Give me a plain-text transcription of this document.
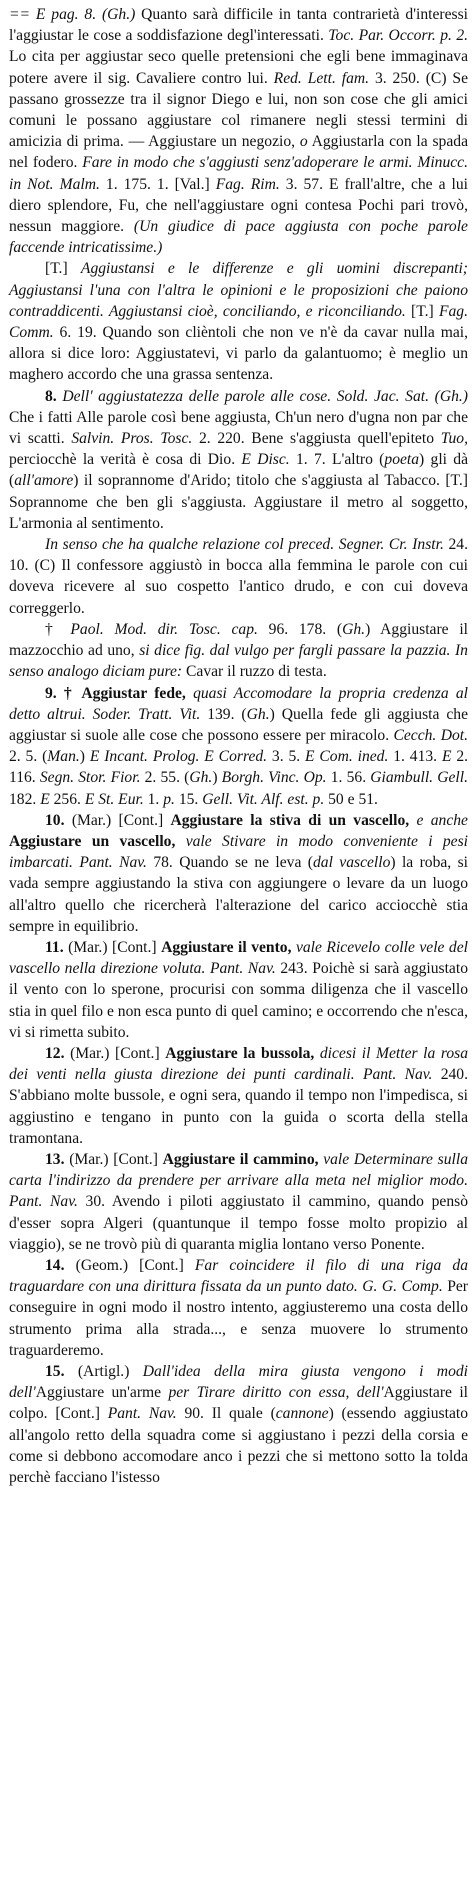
== E pag. 8. (Gh.) Quanto sarà difficile in tanta contrarietà d'interessi l'aggiustar le cose a soddisfazione degl'interessati. Toc. Par. Occorr. p. 2. Lo cita per aggiustar seco quelle pretensioni che egli bene immaginava potere avere il sig. Cavaliere contro lui. Red. Lett. fam. 3. 250. (C) Se passano grossezze tra il signor Diego e lui, non son cose che gli amici comuni le possano aggiustare col rimanere negli stessi termini di amicizia di prima. — Aggiustare un negozio, o Aggiustarla con la spada nel fodero. Fare in modo che s'aggiusti senz'adoperare le armi. Minucc. in Not. Malm. 1. 175. 1. [Val.] Fag. Rim. 3. 57. E frall'altre, che a lui diero splendore, Fu, che nell'aggiustare ogni contesa Pochi pari trovò, nessun maggiore. (Un giudice di pace aggiusta con poche parole faccende intricatissime.)

[T.] Aggiustansi e le differenze e gli uomini discrepanti; Aggiustansi l'una con l'altra le opinioni e le proposizioni che paiono contraddicenti. Aggiustansi cioè, conciliando, e riconciliando. [T.] Fag. Comm. 6. 19. Quando son clièntoli che non ve n'è da cavar nulla mai, allora si dice loro: Aggiustatevi, vi parlo da galantuomo; è meglio un maghero accordo che una grassa sentenza.

8. Dell' aggiustatezza delle parole alle cose. Sold. Jac. Sat. (Gh.) Che i fatti Alle parole così bene aggiusta, Ch'un nero d'ugna non par che vi scatti. Salvin. Pros. Tosc. 2. 220. Bene s'aggiusta quell'epiteto Tuo, perciocchè la verità è cosa di Dio. E Disc. 1. 7. L'altro (poeta) gli dà (all'amore) il soprannome d'Arido; titolo che s'aggiusta al Tabacco. [T.] Soprannome che ben gli s'aggiusta. Aggiustare il metro al soggetto, L'armonia al sentimento.

In senso che ha qualche relazione col preced. Segner. Cr. Instr. 24. 10. (C) Il confessore aggiustò in bocca alla femmina le parole con cui doveva ricevere al suo cospetto l'antico drudo, e con cui doveva correggerlo.

† Paol. Mod. dir. Tosc. cap. 96. 178. (Gh.) Aggiustare il mazzocchio ad uno, si dice fig. dal vulgo per fargli passare la pazzia. In senso analogo diciam pure: Cavar il ruzzo di testa.

9. † Aggiustar fede, quasi Accomodare la propria credenza al detto altrui. Soder. Tratt. Vit. 139. (Gh.) Quella fede gli aggiusta che aggiustar si suole alle cose che possono essere per miracolo. Cecch. Dot. 2. 5. (Man.) E Incant. Prolog. E Corred. 3. 5. E Com. ined. 1. 413. E 2. 116. Segn. Stor. Fior. 2. 55. (Gh.) Borgh. Vinc. Op. 1. 56. Giambull. Gell. 182. E 256. E St. Eur. 1. p. 15. Gell. Vit. Alf. est. p. 50 e 51.

10. (Mar.) [Cont.] Aggiustare la stiva di un vascello, e anche Aggiustare un vascello, vale Stivare in modo conveniente i pesi imbarcati. Pant. Nav. 78. Quando se ne leva (dal vascello) la roba, si vada sempre aggiustando la stiva con aggiungere o levare da un luogo all'altro quello che ricercherà l'alterazione del carico acciocchè stia sempre in equilibrio.

11. (Mar.) [Cont.] Aggiustare il vento, vale Ricevelo colle vele del vascello nella direzione voluta. Pant. Nav. 243. Poichè si sarà aggiustato il vento con lo sperone, procurisi con somma diligenza che il vascello stia in quel filo e non esca punto di quel camino; e occorrendo che n'esca, vi si rimetta subito.

12. (Mar.) [Cont.] Aggiustare la bussola, dicesi il Metter la rosa dei venti nella giusta direzione dei punti cardinali. Pant. Nav. 240. S'abbiano molte bussole, e ogni sera, quando il tempo non l'impedisca, si aggiustino e tengano in punto con la guida o scorta della stella tramontana.

13. (Mar.) [Cont.] Aggiustare il cammino, vale Determinare sulla carta l'indirizzo da prendere per arrivare alla meta nel miglior modo. Pant. Nav. 30. Avendo i piloti aggiustato il cammino, quando pensò d'esser sopra Algeri (quantunque il tempo fosse molto propizio al viaggio), se ne trovò più di quaranta miglia lontano verso Ponente.

14. (Geom.) [Cont.] Far coincidere il filo di una riga da traguardare con una dirittura fissata da un punto dato. G. G. Comp. Per conseguire in ogni modo il nostro intento, aggiusteremo una costa dello strumento prima alla strada..., e senza muovere lo strumento traguarderemo.

15. (Artigl.) Dall'idea della mira giusta vengono i modi dell'Aggiustare un'arme per Tirare diritto con essa, dell'Aggiustare il colpo. [Cont.] Pant. Nav. 90. Il quale (cannone) (essendo aggiustato all'angolo retto della squadra come si aggiustano i pezzi della corsia e come si debbono accomodare anco i pezzi che si mettono sotto la tolda perchè facciano l'istesso
